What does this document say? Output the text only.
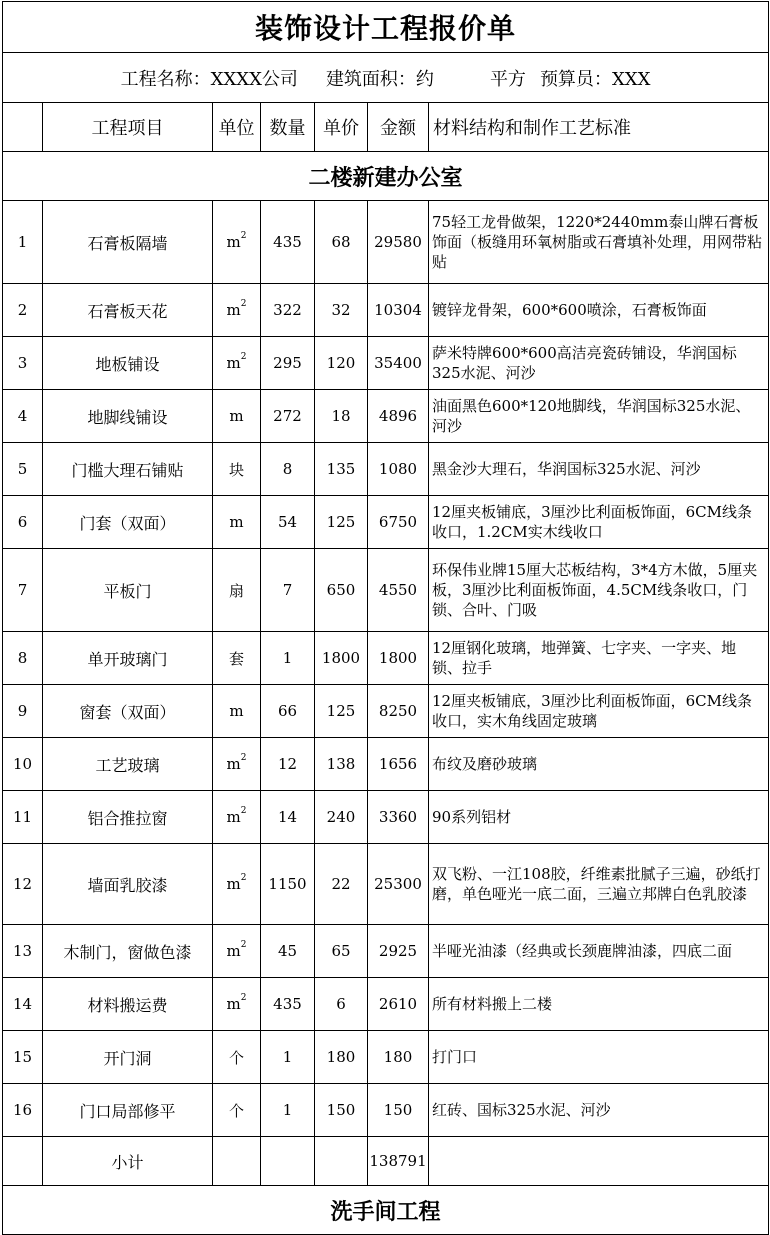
装饰设计工程报价单						
工程名称：XXXX公司 建筑面积：约 平方 预算员：XXX						
	工程项目	单位	数量	单价	金额	材料结构和制作工艺标准
二楼新建办公室						
1	石膏板隔墙	$m^2$	435	68	29580	75轻工龙骨做架，1220*2440mm泰山牌石膏板饰面（板缝用环氧树脂或石膏填补处理，用网带粘贴
2	石膏板天花	$m^2$	322	32	10304	镀锌龙骨架，600*600喷涂，石膏板饰面
3	地板铺设	$m^2$	295	120	35400	萨米特牌600*600高洁亮瓷砖铺设，华润国标325水泥、河沙
4	地脚线铺设	m	272	18	4896	油面黑色600*120地脚线，华润国标325水泥、河沙
5	门槛大理石铺贴	块	8	135	1080	黑金沙大理石，华润国标325水泥、河沙
6	门套（双面）	m	54	125	6750	12厘夹板铺底，3厘沙比利面板饰面，6CM线条收口，1.2CM实木线收口
7	平板门	扇	7	650	4550	环保伟业牌15厘大芯板结构，3*4方木做，5厘夹板，3厘沙比利面板饰面，4.5CM线条收口，门锁、合叶、门吸
8	单开玻璃门	套	1	1800	1800	12厘钢化玻璃，地弹簧、七字夹、一字夹、地锁、拉手
9	窗套（双面）	m	66	125	8250	12厘夹板铺底，3厘沙比利面板饰面，6CM线条收口，实木角线固定玻璃
10	工艺玻璃	$m^2$	12	138	1656	布纹及磨砂玻璃
11	铝合推拉窗	$m^2$	14	240	3360	90系列铝材
12	墙面乳胶漆	$m^2$	1150	22	25300	双飞粉、一江108胶，纤维素批腻子三遍，砂纸打磨，单色哑光一底二面，三遍立邦牌白色乳胶漆
13	木制门，窗做色漆	$m^2$	45	65	2925	半哑光油漆（经典或长颈鹿牌油漆，四底二面
14	材料搬运费	$m^2$	435	6	2610	所有材料搬上二楼
15	开门洞	个	1	180	180	打门口
16	门口局部修平	个	1	150	150	红砖、国标325水泥、河沙
	小计				138791	
洗手间工程						
